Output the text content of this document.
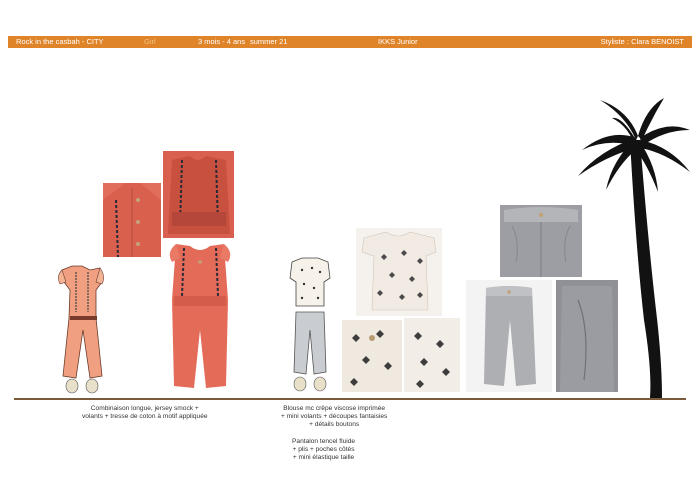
Rock in the casbah - CITY	Girl	3 mois - 4 ans summer 21	IKKS Junior	Styliste : Clara BENOIST
Combinaison longue, jersey smock +
volants + tresse de coton à motif appliquée
Blouse mc crêpe viscose imprimée
+ mini volants + découpes fantaisies
+ détails boutons
Pantalon tencel fluide
+ plis + poches côtés
+ mini élastique taille
